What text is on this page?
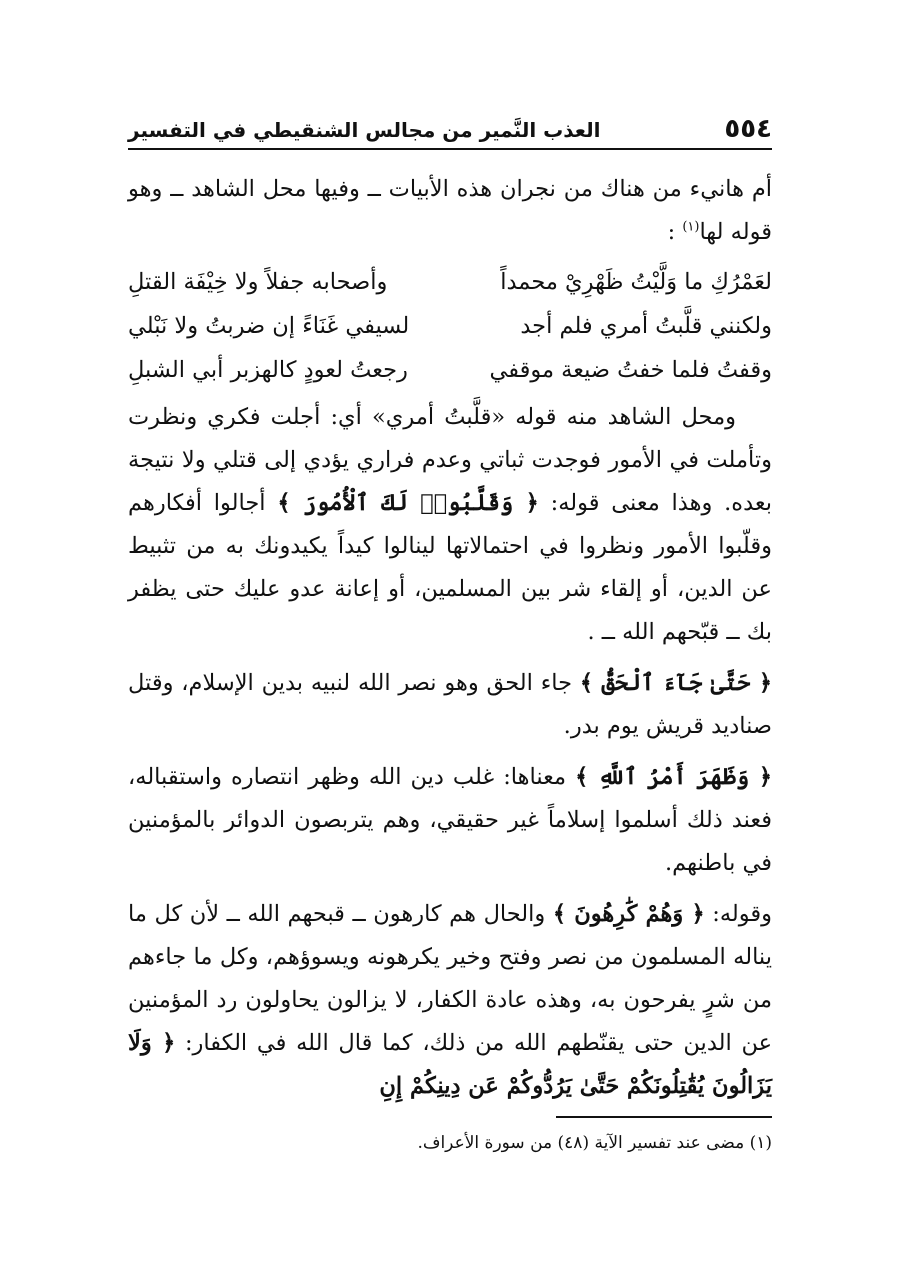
٥٥٤
العذب النَّمير من مجالس الشنقيطي في التفسير

أم هانيء من هناك من نجران هذه الأبيات ــ وفيها محل الشاهد ــ وهو قوله لها$^{(١)}$ :

لعَمْرُكِ ما وَلَّيْتُ ظَهْرِيْ محمداً
وأصحابه جفلاً ولا خِيْفَة القتلِ
ولكنني قلَّبتُ أمري فلم أجد
لسيفي غَنَاءً إن ضربتُ ولا نَبْلي
وقفتُ فلما خفتُ ضيعة موقفي
رجعتُ لعودٍ كالهزبر أبي الشبلِ

ومحل الشاهد منه قوله «قلَّبتُ أمري» أي: أجلت فكري ونظرت وتأملت في الأمور فوجدت ثباتي وعدم فراري يؤدي إلى قتلي ولا نتيجة بعده. وهذا معنى قوله: ﴿ وَقَلَّبُوا۟ لَكَ ٱلْأُمُورَ ﴾ أجالوا أفكارهم وقلّبوا الأمور ونظروا في احتمالاتها لينالوا كيداً يكيدونك به من تثبيط عن الدين، أو إلقاء شر بين المسلمين، أو إعانة عدو عليك حتى يظفر بك ــ قبّحهم الله ــ .

﴿ حَتَّىٰ جَآءَ ٱلْحَقُّ ﴾ جاء الحق وهو نصر الله لنبيه بدين الإسلام، وقتل صناديد قريش يوم بدر.

﴿ وَظَهَرَ أَمْرُ ٱللَّهِ ﴾ معناها: غلب دين الله وظهر انتصاره واستقباله، فعند ذلك أسلموا إسلاماً غير حقيقي، وهم يتربصون الدوائر بالمؤمنين في باطنهم.

وقوله: ﴿ وَهُمْ كَٰرِهُونَ ﴾ والحال هم كارهون ــ قبحهم الله ــ لأن كل ما يناله المسلمون من نصر وفتح وخير يكرهونه ويسوؤهم، وكل ما جاءهم من شرٍ يفرحون به، وهذه عادة الكفار، لا يزالون يحاولون رد المؤمنين عن الدين حتى يقنّطهم الله من ذلك، كما قال الله في الكفار: ﴿ وَلَا يَزَالُونَ يُقَٰتِلُونَكُمْ حَتَّىٰ يَرُدُّوكُمْ عَن دِينِكُمْ إِنِ

(١) مضى عند تفسير الآية (٤٨) من سورة الأعراف.
